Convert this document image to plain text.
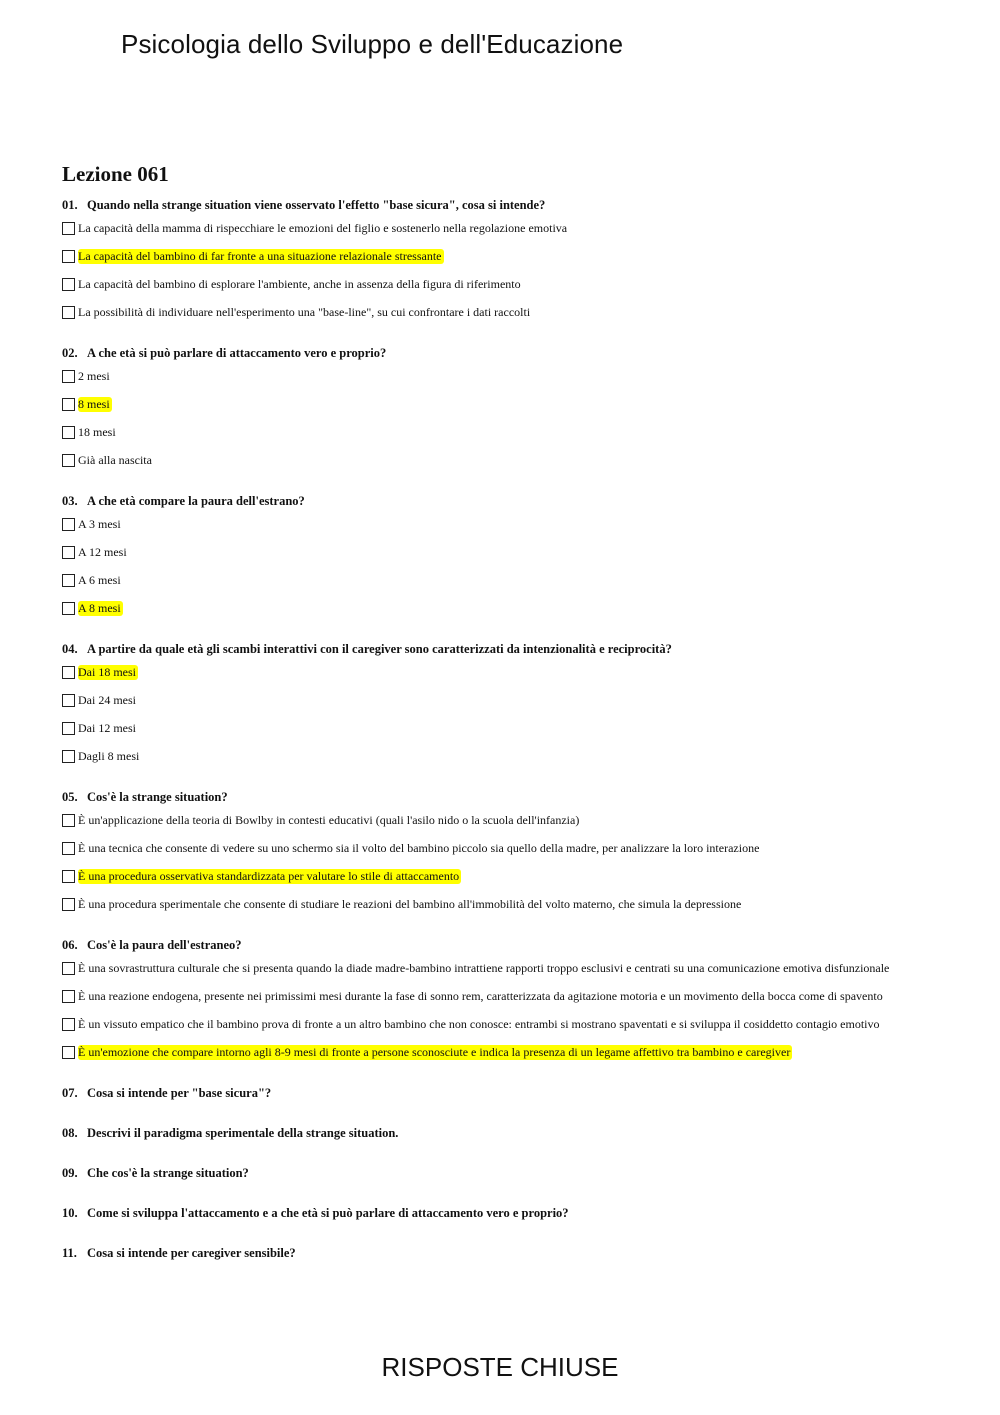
Psicologia dello Sviluppo e dell'Educazione
Lezione 061
01. Quando nella strange situation viene osservato l'effetto "base sicura", cosa si intende?
La capacità della mamma di rispecchiare le emozioni del figlio e sostenerlo nella regolazione emotiva
La capacità del bambino di far fronte a una situazione relazionale stressante
La capacità del bambino di esplorare l'ambiente, anche in assenza della figura di riferimento
La possibilità di individuare nell'esperimento una "base-line", su cui confrontare i dati raccolti
02. A che età si può parlare di attaccamento vero e proprio?
2 mesi
8 mesi
18 mesi
Già alla nascita
03. A che età compare la paura dell'estrano?
A 3 mesi
A 12 mesi
A 6 mesi
A 8 mesi
04. A partire da quale età gli scambi interattivi con il caregiver sono caratterizzati da intenzionalità e reciprocità?
Dai 18 mesi
Dai 24 mesi
Dai 12 mesi
Dagli 8 mesi
05. Cos'è la strange situation?
È un'applicazione della teoria di Bowlby in contesti educativi (quali l'asilo nido o la scuola dell'infanzia)
È una tecnica che consente di vedere su uno schermo sia il volto del bambino piccolo sia quello della madre, per analizzare la loro interazione
È una procedura osservativa standardizzata per valutare lo stile di attaccamento
È una procedura sperimentale che consente di studiare le reazioni del bambino all'immobilità del volto materno, che simula la depressione
06. Cos'è la paura dell'estraneo?
È una sovrastruttura culturale che si presenta quando la diade madre-bambino intrattiene rapporti troppo esclusivi e centrati su una comunicazione emotiva disfunzionale
È una reazione endogena, presente nei primissimi mesi durante la fase di sonno rem, caratterizzata da agitazione motoria e un movimento della bocca come di spavento
È un vissuto empatico che il bambino prova di fronte a un altro bambino che non conosce: entrambi si mostrano spaventati e si sviluppa il cosiddetto contagio emotivo
È un'emozione che compare intorno agli 8-9 mesi di fronte a persone sconosciute e indica la presenza di un legame affettivo tra bambino e caregiver
07. Cosa si intende per "base sicura"?
08. Descrivi il paradigma sperimentale della strange situation.
09. Che cos'è la strange situation?
10. Come si sviluppa l'attaccamento e a che età si può parlare di attaccamento vero e proprio?
11. Cosa si intende per caregiver sensibile?
RISPOSTE CHIUSE
